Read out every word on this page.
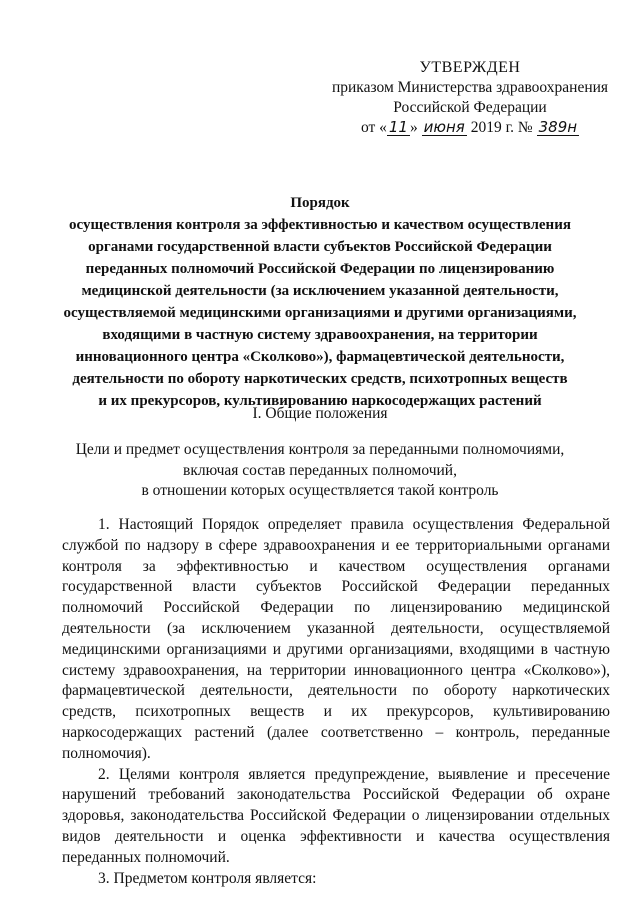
УТВЕРЖДЕН
приказом Министерства здравоохранения
Российской Федерации
от « 11 » июня 2019 г. № 389н
Порядок
осуществления контроля за эффективностью и качеством осуществления
органами государственной власти субъектов Российской Федерации
переданных полномочий Российской Федерации по лицензированию
медицинской деятельности (за исключением указанной деятельности,
осуществляемой медицинскими организациями и другими организациями,
входящими в частную систему здравоохранения, на территории
инновационного центра «Сколково»), фармацевтической деятельности,
деятельности по обороту наркотических средств, психотропных веществ
и их прекурсоров, культивированию наркосодержащих растений
I. Общие положения
Цели и предмет осуществления контроля за переданными полномочиями,
включая состав переданных полномочий,
в отношении которых осуществляется такой контроль

1. Настоящий Порядок определяет правила осуществления Федеральной службой по надзору в сфере здравоохранения и ее территориальными органами контроля за эффективностью и качеством осуществления органами государственной власти субъектов Российской Федерации переданных полномочий Российской Федерации по лицензированию медицинской деятельности (за исключением указанной деятельности, осуществляемой медицинскими организациями и другими организациями, входящими в частную систему здравоохранения, на территории инновационного центра «Сколково»), фармацевтической деятельности, деятельности по обороту наркотических средств, психотропных веществ и их прекурсоров, культивированию наркосодержащих растений (далее соответственно – контроль, переданные полномочия).

2. Целями контроля является предупреждение, выявление и пресечение нарушений требований законодательства Российской Федерации об охране здоровья, законодательства Российской Федерации о лицензировании отдельных видов деятельности и оценка эффективности и качества осуществления переданных полномочий.

3. Предметом контроля является:
